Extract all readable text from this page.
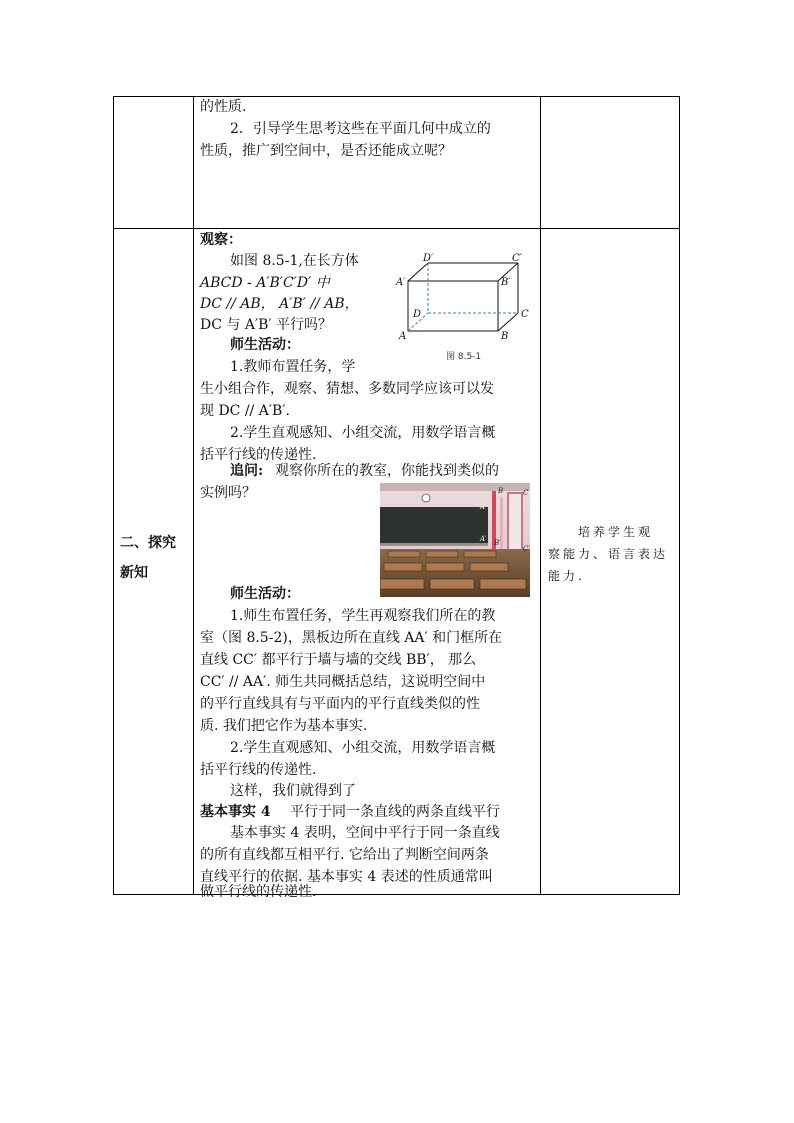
的性质.
2．引导学生思考这些在平面几何中成立的
性质，推广到空间中，是否还能成立呢？
二、探究
新知
观察：
如图 8.5-1,在长方体
ABCD - A′B′C′D′ 中
DC // AB， A′B′ // AB，
DC 与 A′B′ 平行吗？
师生活动：
1.教师布置任务，学
生小组合作，观察、猜想、多数同学应该可以发
现 DC // A′B′.
2.学生直观感知、小组交流，用数学语言概
括平行线的传递性.
追问: 观察你所在的教室，你能找到类似的
实例吗？
师生活动：
1.师生布置任务，学生再观察我们所在的教
室（图 8.5-2)，黑板边所在直线 AA′ 和门框所在
直线 CC′ 都平行于墙与墙的交线 BB′， 那么
CC′ // AA′. 师生共同概括总结，这说明空间中
的平行直线具有与平面内的平行直线类似的性
质. 我们把它作为基本事实.
2.学生直观感知、小组交流，用数学语言概
括平行线的传递性.
这样，我们就得到了
基本事实 4 平行于同一条直线的两条直线平行
基本事实 4 表明，空间中平行于同一条直线
的所有直线都互相平行. 它给出了判断空间两条
直线平行的依据. 基本事实 4 表述的性质通常叫
做平行线的传递性.
培养学生观
察能力、语言表达
能力.
D′	C′
A′	B′
D	C
A	B
图 8.5-1
A
A′
B
B′
C
C′
